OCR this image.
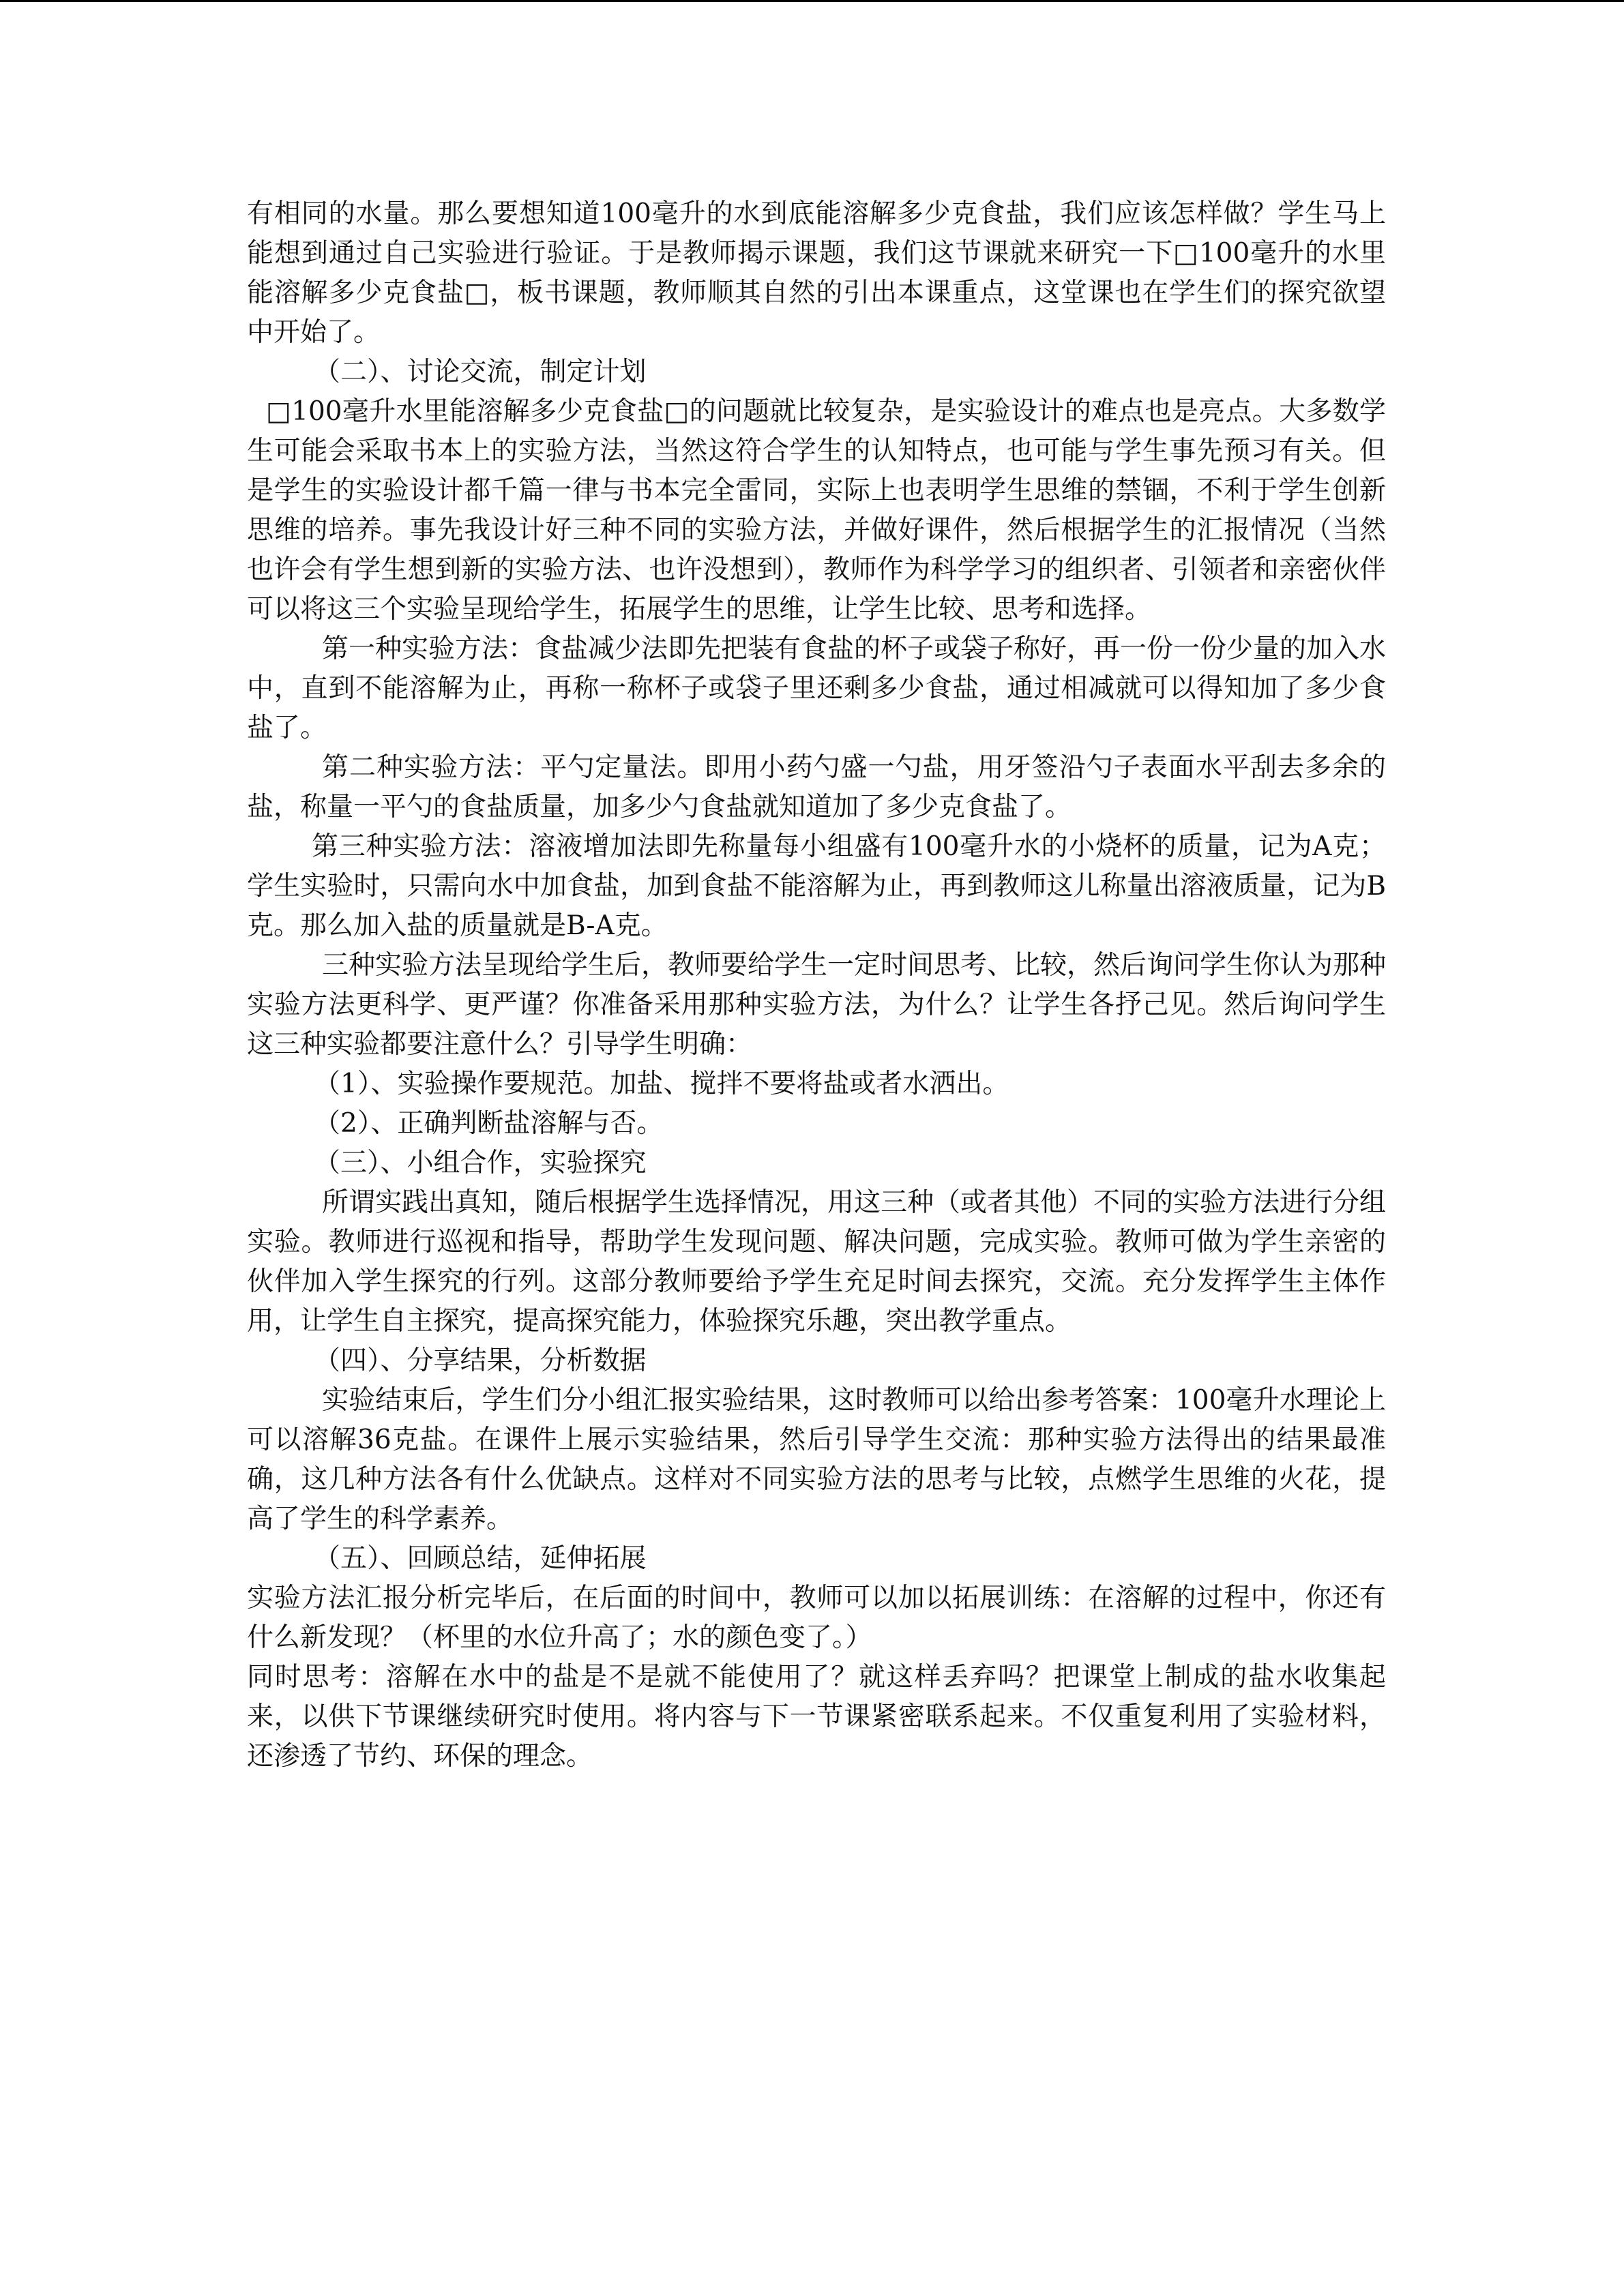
有相同的水量。那么要想知道100毫升的水到底能溶解多少克食盐，我们应该怎样做？学生马上能想到通过自己实验进行验证。于是教师揭示课题，我们这节课就来研究一下□100毫升的水里能溶解多少克食盐□，板书课题，教师顺其自然的引出本课重点，这堂课也在学生们的探究欲望中开始了。

（二）、讨论交流，制定计划

□100毫升水里能溶解多少克食盐□的问题就比较复杂，是实验设计的难点也是亮点。大多数学生可能会采取书本上的实验方法，当然这符合学生的认知特点，也可能与学生事先预习有关。但是学生的实验设计都千篇一律与书本完全雷同，实际上也表明学生思维的禁锢，不利于学生创新思维的培养。事先我设计好三种不同的实验方法，并做好课件，然后根据学生的汇报情况（当然也许会有学生想到新的实验方法、也许没想到），教师作为科学学习的组织者、引领者和亲密伙伴可以将这三个实验呈现给学生，拓展学生的思维，让学生比较、思考和选择。

第一种实验方法：食盐减少法即先把装有食盐的杯子或袋子称好，再一份一份少量的加入水中，直到不能溶解为止，再称一称杯子或袋子里还剩多少食盐，通过相减就可以得知加了多少食盐了。

第二种实验方法：平勺定量法。即用小药勺盛一勺盐，用牙签沿勺子表面水平刮去多余的盐，称量一平勺的食盐质量，加多少勺食盐就知道加了多少克食盐了。

第三种实验方法：溶液增加法即先称量每小组盛有100毫升水的小烧杯的质量，记为A克；学生实验时，只需向水中加食盐，加到食盐不能溶解为止，再到教师这儿称量出溶液质量，记为B克。那么加入盐的质量就是B-A克。

三种实验方法呈现给学生后，教师要给学生一定时间思考、比较，然后询问学生你认为那种实验方法更科学、更严谨？你准备采用那种实验方法，为什么？让学生各抒己见。然后询问学生这三种实验都要注意什么？引导学生明确：

（1）、实验操作要规范。加盐、搅拌不要将盐或者水洒出。

（2）、正确判断盐溶解与否。

（三）、小组合作，实验探究

所谓实践出真知，随后根据学生选择情况，用这三种（或者其他）不同的实验方法进行分组实验。教师进行巡视和指导，帮助学生发现问题、解决问题，完成实验。教师可做为学生亲密的伙伴加入学生探究的行列。这部分教师要给予学生充足时间去探究，交流。充分发挥学生主体作用，让学生自主探究，提高探究能力，体验探究乐趣，突出教学重点。

（四）、分享结果，分析数据

实验结束后，学生们分小组汇报实验结果，这时教师可以给出参考答案：100毫升水理论上可以溶解36克盐。在课件上展示实验结果，然后引导学生交流：那种实验方法得出的结果最准确，这几种方法各有什么优缺点。这样对不同实验方法的思考与比较，点燃学生思维的火花，提高了学生的科学素养。

（五）、回顾总结，延伸拓展

实验方法汇报分析完毕后，在后面的时间中，教师可以加以拓展训练：在溶解的过程中，你还有什么新发现？（杯里的水位升高了；水的颜色变了。）

同时思考：溶解在水中的盐是不是就不能使用了？就这样丢弃吗？把课堂上制成的盐水收集起来，以供下节课继续研究时使用。将内容与下一节课紧密联系起来。不仅重复利用了实验材料，还渗透了节约、环保的理念。
